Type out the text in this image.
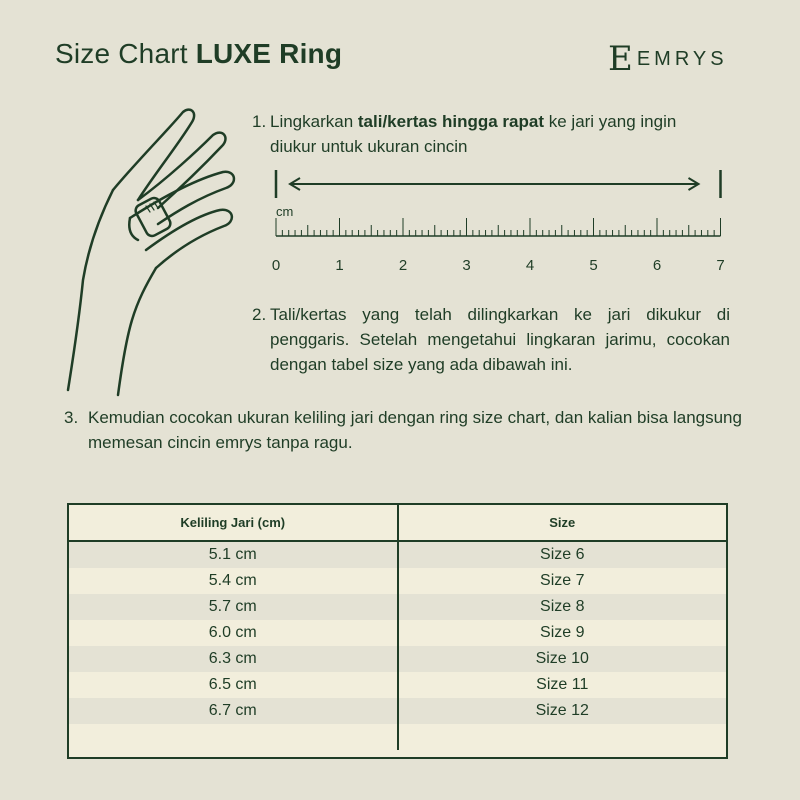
Size Chart LUXE Ring	E EMRYS
1. Lingkarkan tali/kertas hingga rapat ke jari yang ingin diukur untuk ukuran cincin
cm
0	1	2	3	4	5	6	7
2. Tali/kertas yang telah dilingkarkan ke jari dikukur di penggaris. Setelah mengetahui lingkaran jarimu, cocokan dengan tabel size yang ada dibawah ini.
3. Kemudian cocokan ukuran keliling jari dengan ring size chart, dan kalian bisa langsung memesan cincin emrys tanpa ragu.
Keliling Jari (cm)	Size
5.1 cm	Size 6
5.4 cm	Size 7
5.7 cm	Size 8
6.0 cm	Size 9
6.3 cm	Size 10
6.5 cm	Size 11
6.7 cm	Size 12
